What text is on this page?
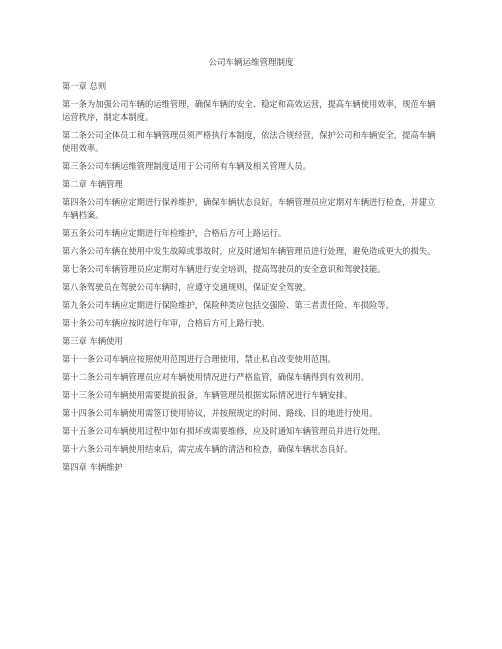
公司车辆运维管理制度

第一章 总则

第一条为加强公司车辆的运维管理，确保车辆的安全、稳定和高效运营，提高车辆使用效率，规范车辆运营秩序，制定本制度。

第二条公司全体员工和车辆管理员须严格执行本制度，依法合规经营，保护公司和车辆安全，提高车辆使用效率。

第三条公司车辆运维管理制度适用于公司所有车辆及相关管理人员。

第二章 车辆管理

第四条公司车辆应定期进行保养维护，确保车辆状态良好。车辆管理员应定期对车辆进行检查，并建立车辆档案。

第五条公司车辆应定期进行年检维护，合格后方可上路运行。

第六条公司车辆在使用中发生故障或事故时，应及时通知车辆管理员进行处理，避免造成更大的损失。

第七条公司车辆管理员应定期对车辆进行安全培训，提高驾驶员的安全意识和驾驶技能。

第八条驾驶员在驾驶公司车辆时，应遵守交通规则，保证安全驾驶。

第九条公司车辆应定期进行保险维护，保险种类应包括交强险、第三者责任险、车损险等。

第十条公司车辆应按时进行年审，合格后方可上路行驶。

第三章 车辆使用

第十一条公司车辆应按照使用范围进行合理使用，禁止私自改变使用范围。

第十二条公司车辆管理员应对车辆使用情况进行严格监管，确保车辆得到有效利用。

第十三条公司车辆使用需要提前报备，车辆管理员根据实际情况进行车辆安排。

第十四条公司车辆使用需签订使用协议，并按照规定的时间、路线、目的地进行使用。

第十五条公司车辆使用过程中如有损坏或需要维修，应及时通知车辆管理员并进行处理。

第十六条公司车辆使用结束后，需完成车辆的清洁和检查，确保车辆状态良好。

第四章 车辆维护
